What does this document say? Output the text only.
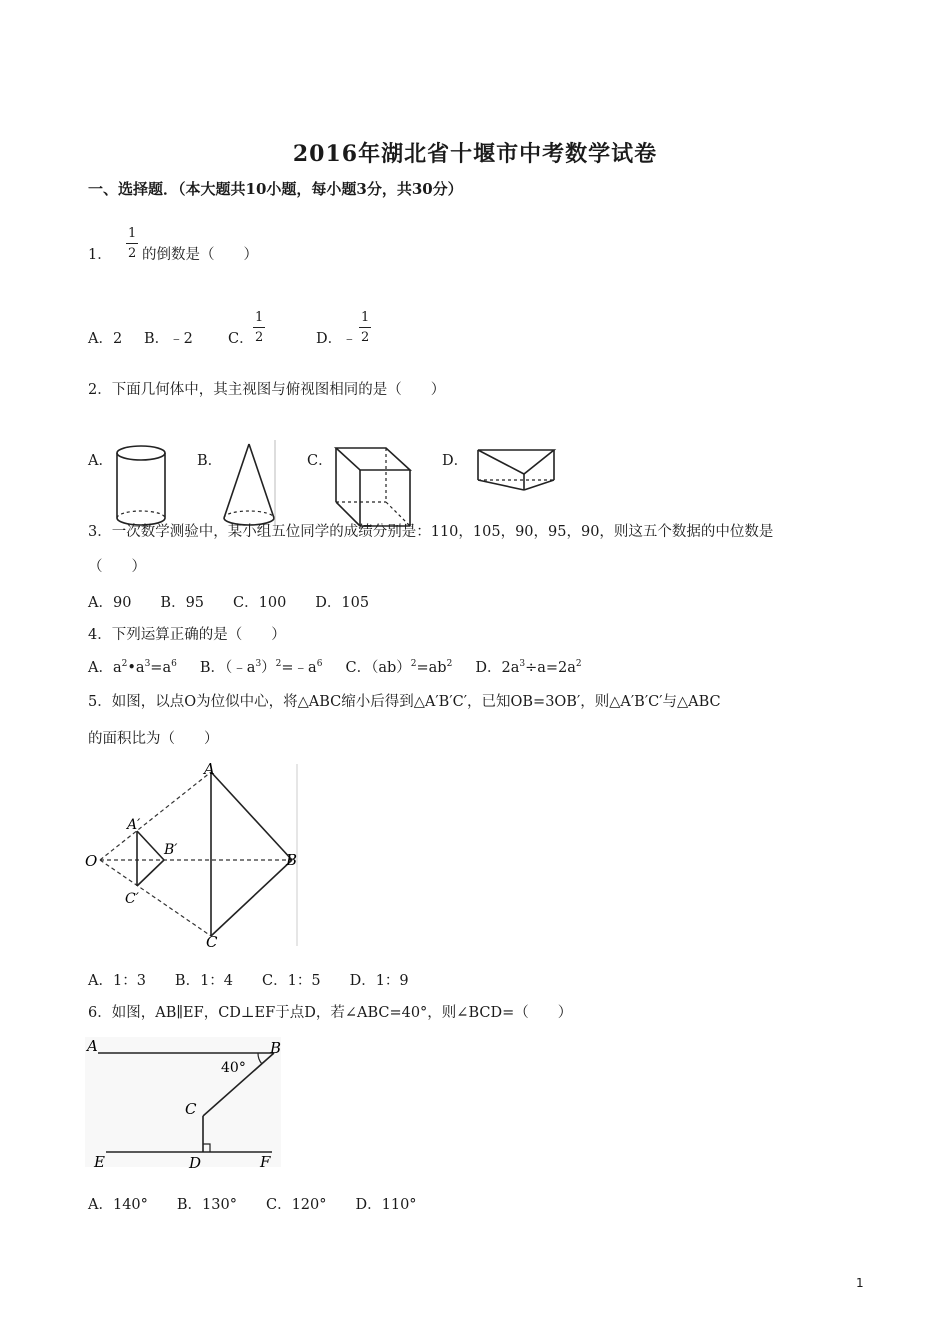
2016年湖北省十堰市中考数学试卷
一、选择题．（本大题共10小题，每小题3分，共30分）
1．
1
2 的倒数是（　　）
A．2 B．﹣2 C．
1
2	D．﹣
1
2
2．下面几何体中，其主视图与俯视图相同的是（　　）
A．	B．	C．	D．
3．一次数学测验中，某小组五位同学的成绩分别是：110，105，90，95，90，则这五个数据的中位数是
（　　）
A．90　　B．95　　C．100　　D．105
4．下列运算正确的是（　　）
A．$a^2•a^3=a^6$ B．$(﹣a^3)^2=﹣a^6$ C．$(ab)^2=ab^2$ D．$2a^3\div a=2a^2$
5．如图，以点O为位似中心，将△ABC缩小后得到△A′B′C′，已知OB=3OB′，则△A′B′C′与△ABC
的面积比为（　　）
O
A
B
C
A′
B′
C′
A．1：3　　B．1：4　　C．1：5　　D．1：9
6．如图，AB∥EF，CD⊥EF于点D，若∠ABC=40°，则∠BCD=（　　）
A	B
C
D
E	F
40°
A．140°　　B．130°　　C．120°　　D．110°
1
